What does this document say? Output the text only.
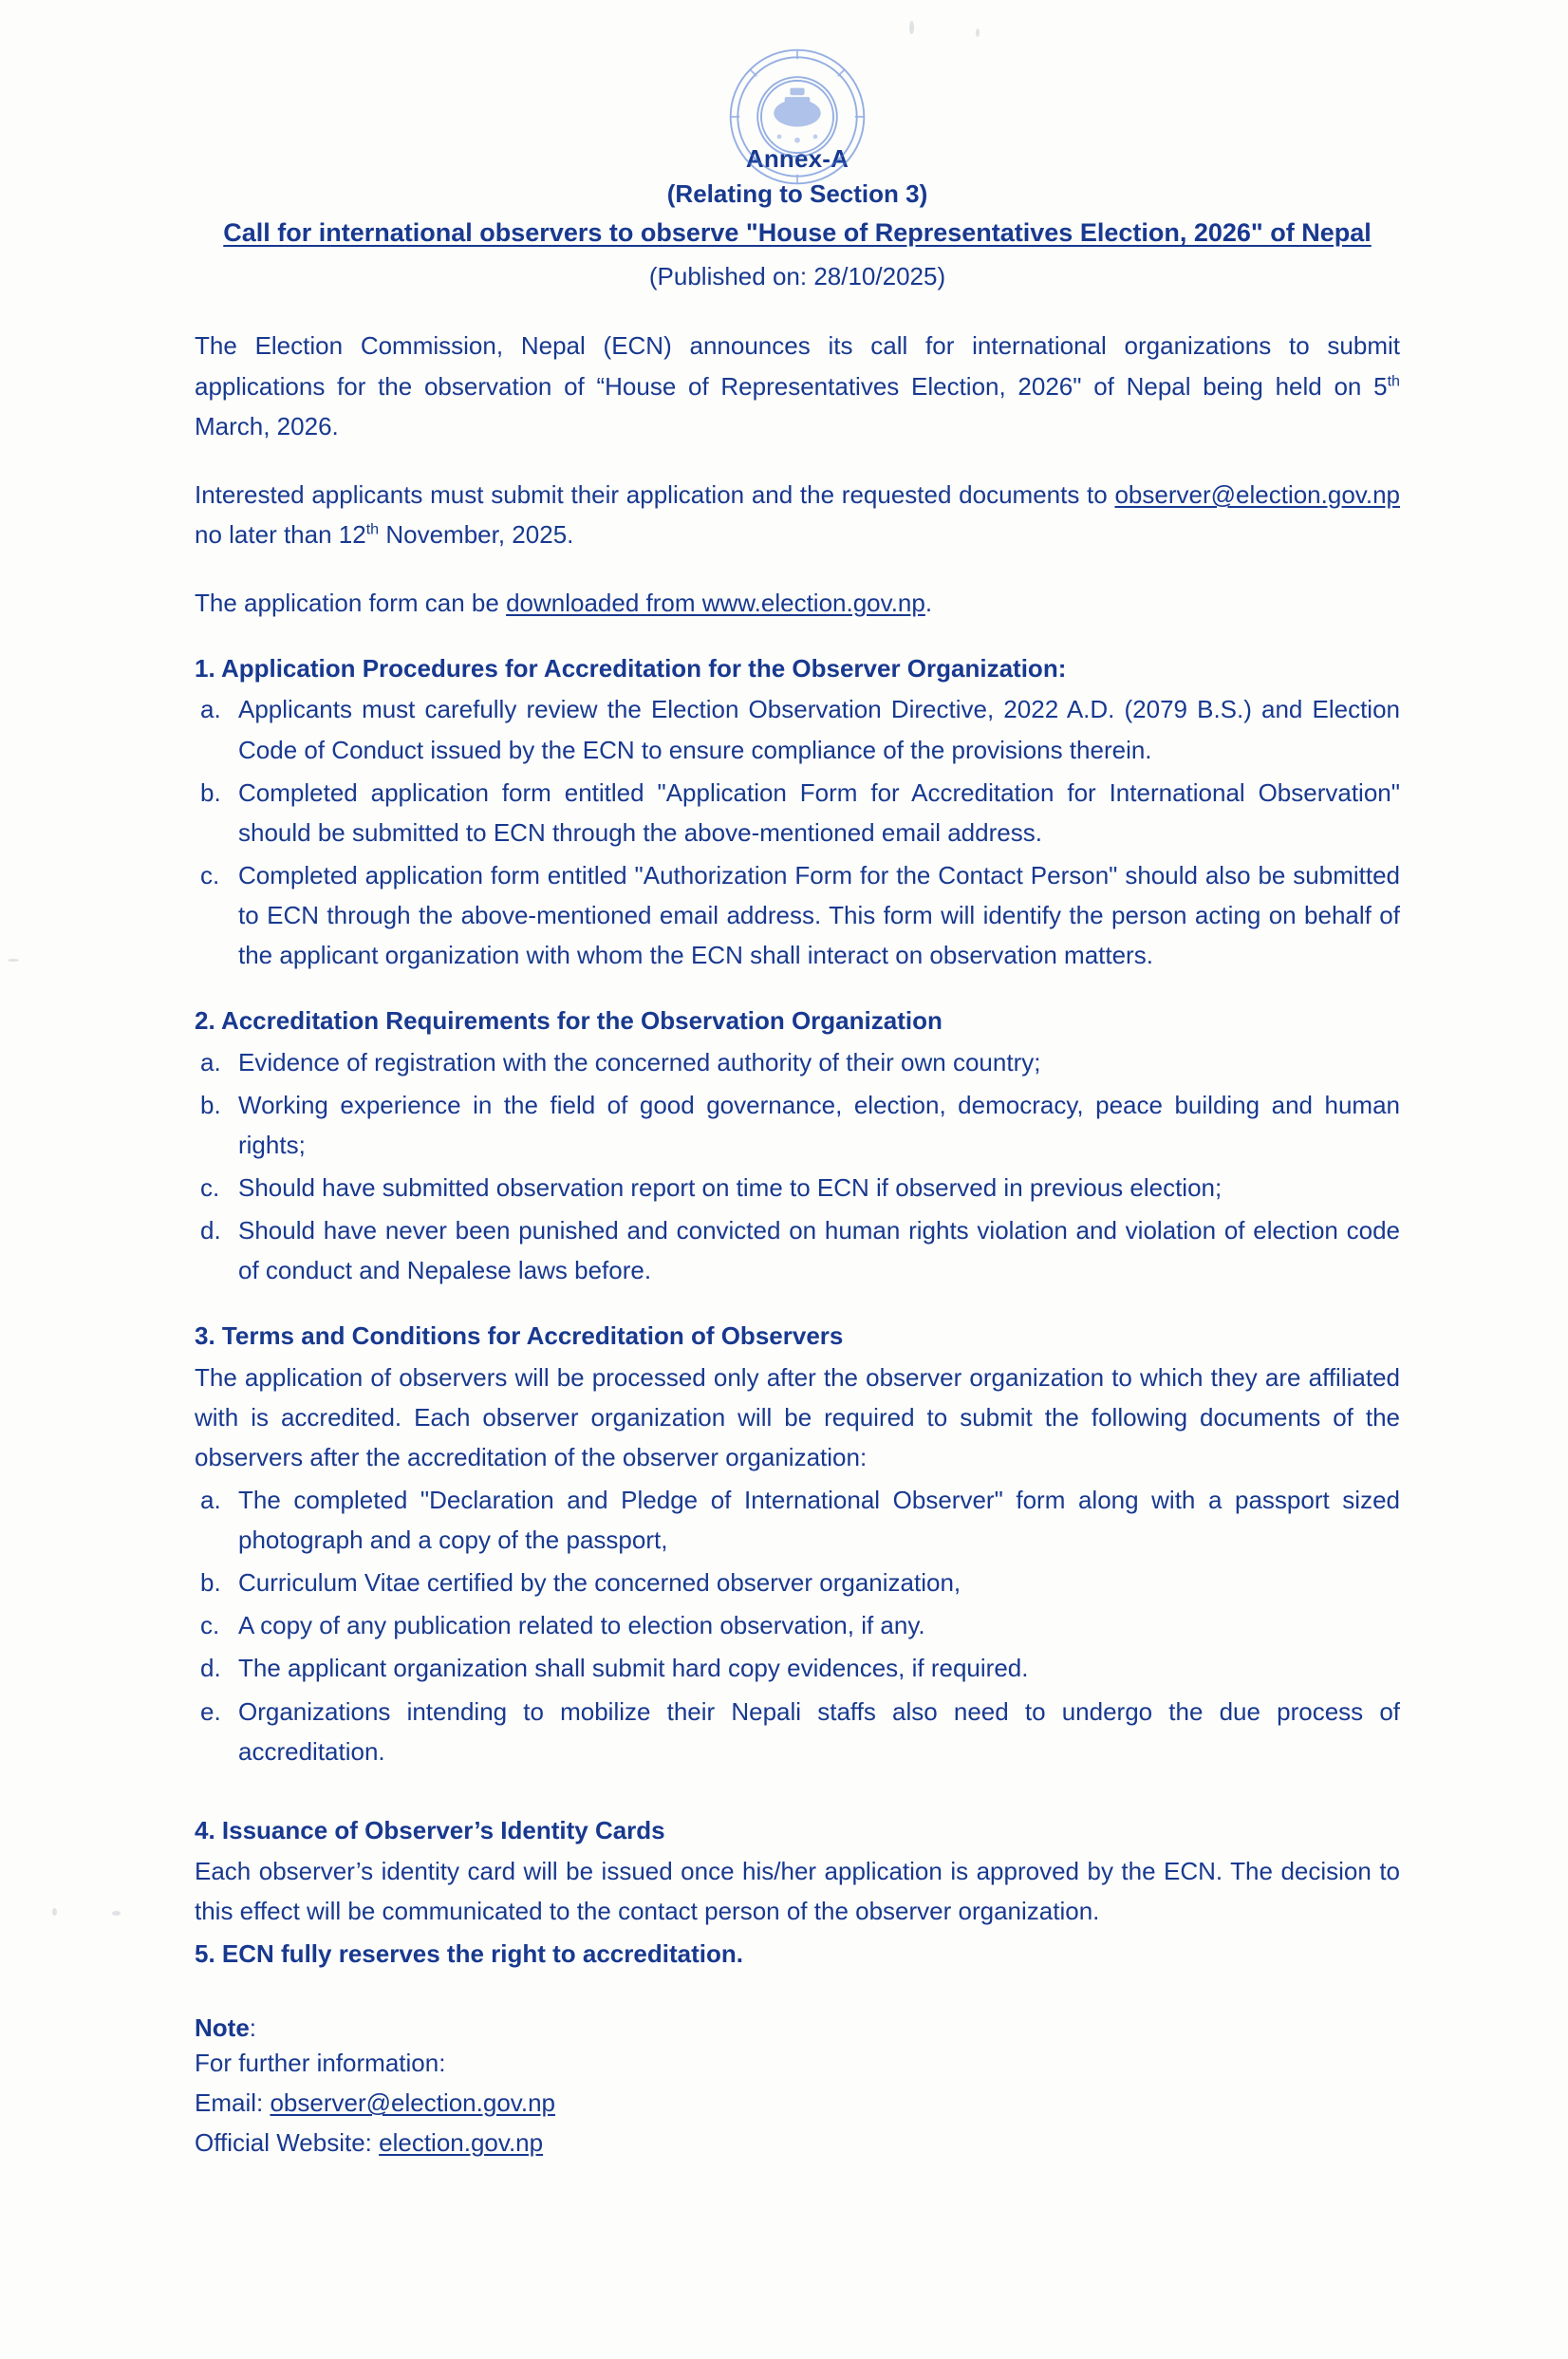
Annex-A
(Relating to Section 3)
Call for international observers to observe "House of Representatives Election, 2026" of Nepal
(Published on: 28/10/2025)

The Election Commission, Nepal (ECN) announces its call for international organizations to submit applications for the observation of “House of Representatives Election, 2026" of Nepal being held on 5th March, 2026.

Interested applicants must submit their application and the requested documents to observer@election.gov.np no later than 12th November, 2025.

The application form can be downloaded from www.election.gov.np.

1. Application Procedures for Accreditation for the Observer Organization:
a. Applicants must carefully review the Election Observation Directive, 2022 A.D. (2079 B.S.) and Election Code of Conduct issued by the ECN to ensure compliance of the provisions therein.
b. Completed application form entitled "Application Form for Accreditation for International Observation" should be submitted to ECN through the above-mentioned email address.
c. Completed application form entitled "Authorization Form for the Contact Person" should also be submitted to ECN through the above-mentioned email address. This form will identify the person acting on behalf of the applicant organization with whom the ECN shall interact on observation matters.
2. Accreditation Requirements for the Observation Organization
a. Evidence of registration with the concerned authority of their own country;
b. Working experience in the field of good governance, election, democracy, peace building and human rights;
c. Should have submitted observation report on time to ECN if observed in previous election;
d. Should have never been punished and convicted on human rights violation and violation of election code of conduct and Nepalese laws before.
3. Terms and Conditions for Accreditation of Observers

The application of observers will be processed only after the observer organization to which they are affiliated with is accredited. Each observer organization will be required to submit the following documents of the observers after the accreditation of the observer organization:

a. The completed "Declaration and Pledge of International Observer" form along with a passport sized photograph and a copy of the passport,
b. Curriculum Vitae certified by the concerned observer organization,
c. A copy of any publication related to election observation, if any.
d. The applicant organization shall submit hard copy evidences, if required.
e. Organizations intending to mobilize their Nepali staffs also need to undergo the due process of accreditation.
4. Issuance of Observer’s Identity Cards

Each observer’s identity card will be issued once his/her application is approved by the ECN. The decision to this effect will be communicated to the contact person of the observer organization.

5. ECN fully reserves the right to accreditation.

Note:

For further information:

Email: observer@election.gov.np

Official Website: election.gov.np
